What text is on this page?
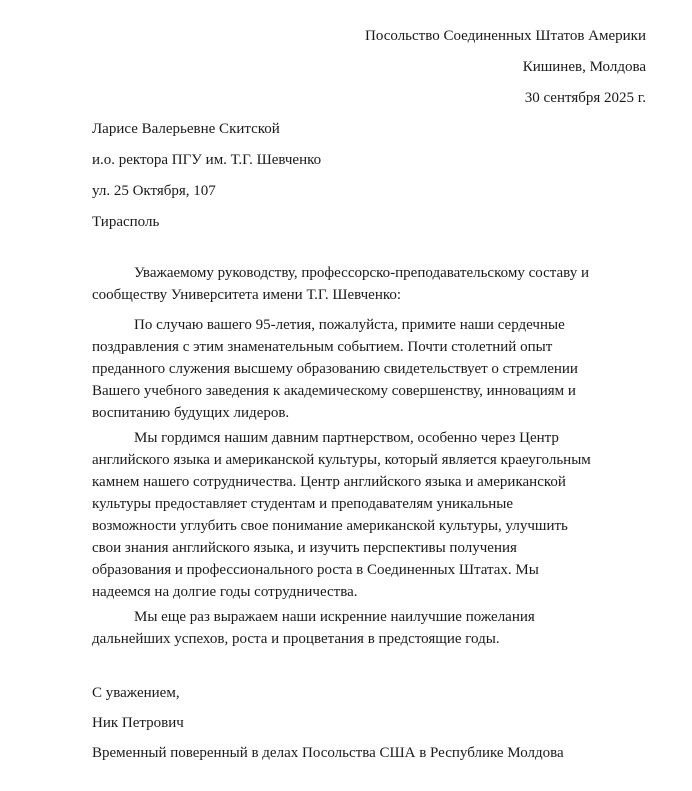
Посольство Соединенных Штатов Америки
Кишинев, Молдова
30 сентября 2025 г.
Ларисе Валерьевне Скитской
и.о. ректора ПГУ им. Т.Г. Шевченко
ул. 25 Октября, 107
Тирасполь
Уважаемому руководству, профессорско-преподавательскому составу и
сообществу Университета имени Т.Г. Шевченко:
По случаю вашего 95-летия, пожалуйста, примите наши сердечные
поздравления с этим знаменательным событием. Почти столетний опыт
преданного служения высшему образованию свидетельствует о стремлении
Вашего учебного заведения к академическому совершенству, инновациям и
воспитанию будущих лидеров.
Мы гордимся нашим давним партнерством, особенно через Центр
английского языка и американской культуры, который является краеугольным
камнем нашего сотрудничества. Центр английского языка и американской
культуры предоставляет студентам и преподавателям уникальные
возможности углубить свое понимание американской культуры, улучшить
свои знания английского языка, и изучить перспективы получения
образования и профессионального роста в Соединенных Штатах. Мы
надеемся на долгие годы сотрудничества.
Мы еще раз выражаем наши искренние наилучшие пожелания
дальнейших успехов, роста и процветания в предстоящие годы.
С уважением,
Ник Петрович
Временный поверенный в делах Посольства США в Республике Молдова
